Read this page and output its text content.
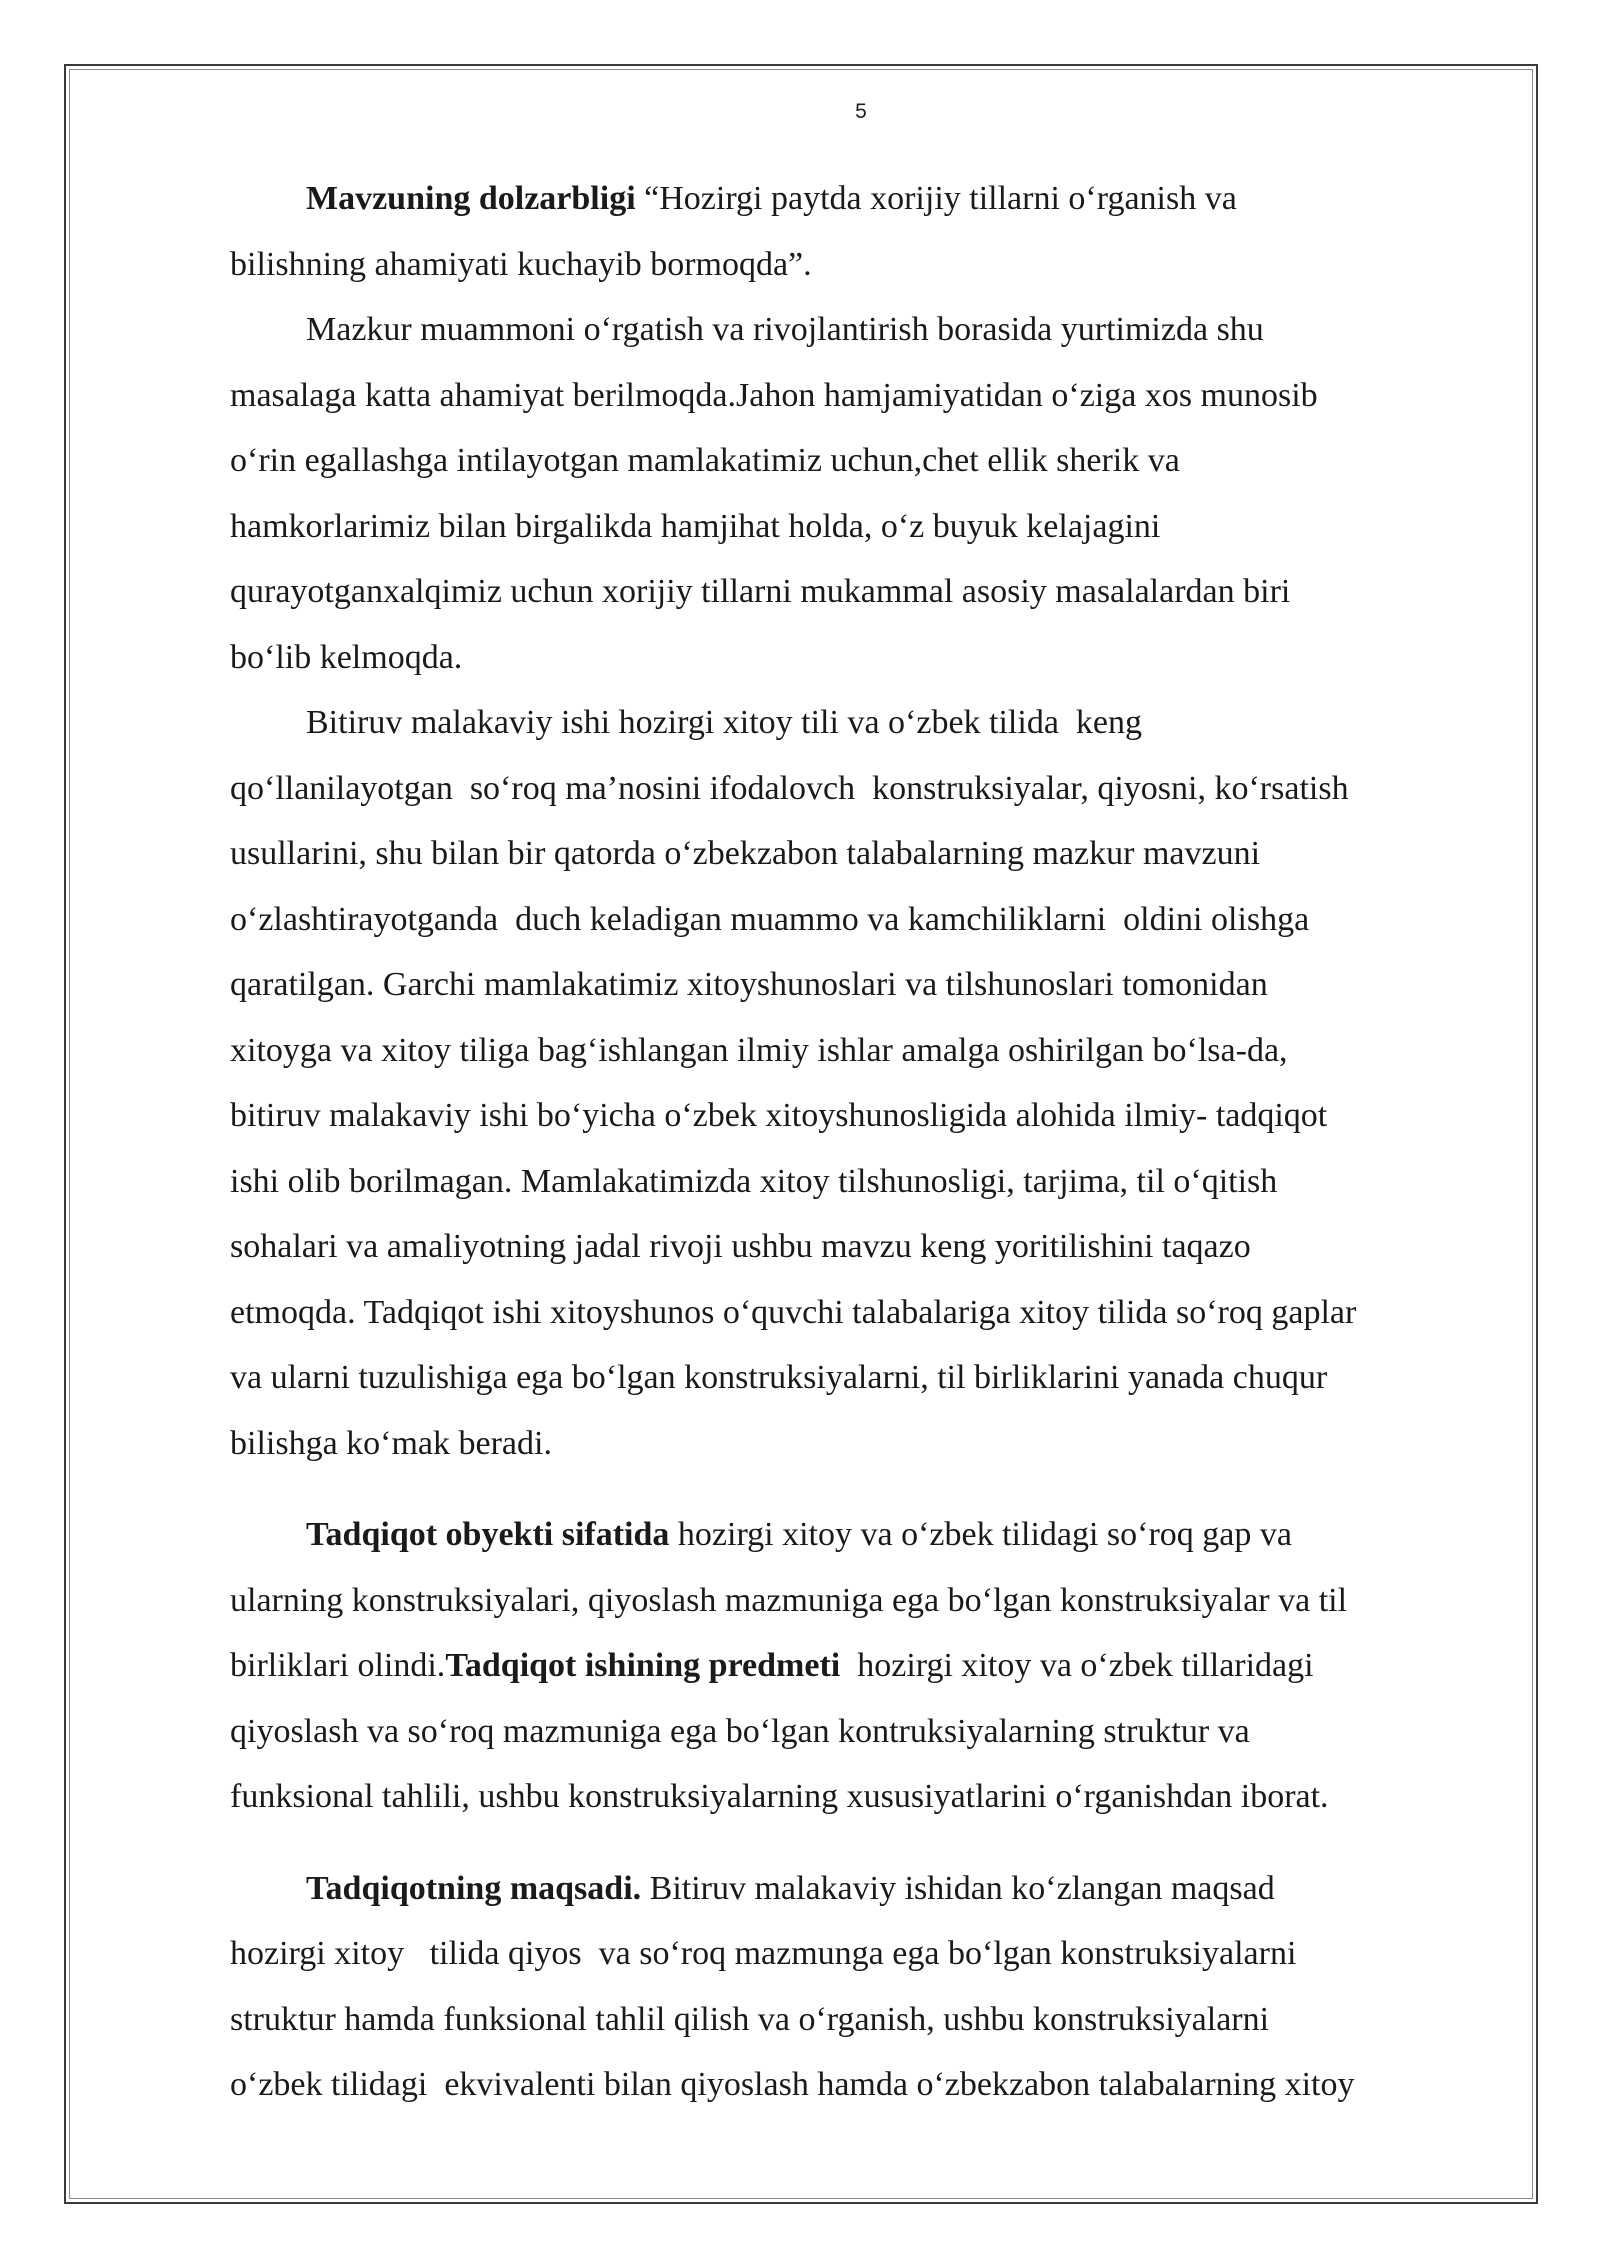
5

Mavzuning dolzarbligi “Hozirgi paytda xorijiy tillarni o‘rganish va
bilishning ahamiyati kuchayib bormoqda”.

Mazkur muammoni o‘rgatish va rivojlantirish borasida yurtimizda shu
masalaga katta ahamiyat berilmoqda.Jahon hamjamiyatidan o‘ziga xos munosib
o‘rin egallashga intilayotgan mamlakatimiz uchun,chet ellik sherik va
hamkorlarimiz bilan birgalikda hamjihat holda, o‘z buyuk kelajagini
qurayotganxalqimiz uchun xorijiy tillarni mukammal asosiy masalalardan biri
bo‘lib kelmoqda.

Bitiruv malakaviy ishi hozirgi xitoy tili va o‘zbek tilida  keng
qo‘llanilayotgan  so‘roq ma’nosini ifodalovch  konstruksiyalar, qiyosni, ko‘rsatish
usullarini, shu bilan bir qatorda o‘zbekzabon talabalarning mazkur mavzuni
o‘zlashtirayotganda  duch keladigan muammo va kamchiliklarni  oldini olishga
qaratilgan. Garchi mamlakatimiz xitoyshunoslari va tilshunoslari tomonidan
xitoyga va xitoy tiliga bag‘ishlangan ilmiy ishlar amalga oshirilgan bo‘lsa-da,
bitiruv malakaviy ishi bo‘yicha o‘zbek xitoyshunosligida alohida ilmiy- tadqiqot
ishi olib borilmagan. Mamlakatimizda xitoy tilshunosligi, tarjima, til o‘qitish
sohalari va amaliyotning jadal rivoji ushbu mavzu keng yoritilishini taqazo
etmoqda. Tadqiqot ishi xitoyshunos o‘quvchi talabalariga xitoy tilida so‘roq gaplar
va ularni tuzulishiga ega bo‘lgan konstruksiyalarni, til birliklarini yanada chuqur
bilishga ko‘mak beradi.

Tadqiqot obyekti sifatida hozirgi xitoy va o‘zbek tilidagi so‘roq gap va
ularning konstruksiyalari, qiyoslash mazmuniga ega bo‘lgan konstruksiyalar va til
birliklari olindi.Tadqiqot ishining predmeti  hozirgi xitoy va o‘zbek tillaridagi
qiyoslash va so‘roq mazmuniga ega bo‘lgan kontruksiyalarning struktur va
funksional tahlili, ushbu konstruksiyalarning xususiyatlarini o‘rganishdan iborat.

Tadqiqotning maqsadi. Bitiruv malakaviy ishidan ko‘zlangan maqsad
hozirgi xitoy   tilida qiyos  va so‘roq mazmunga ega bo‘lgan konstruksiyalarni
struktur hamda funksional tahlil qilish va o‘rganish, ushbu konstruksiyalarni
o‘zbek tilidagi  ekvivalenti bilan qiyoslash hamda o‘zbekzabon talabalarning xitoy
